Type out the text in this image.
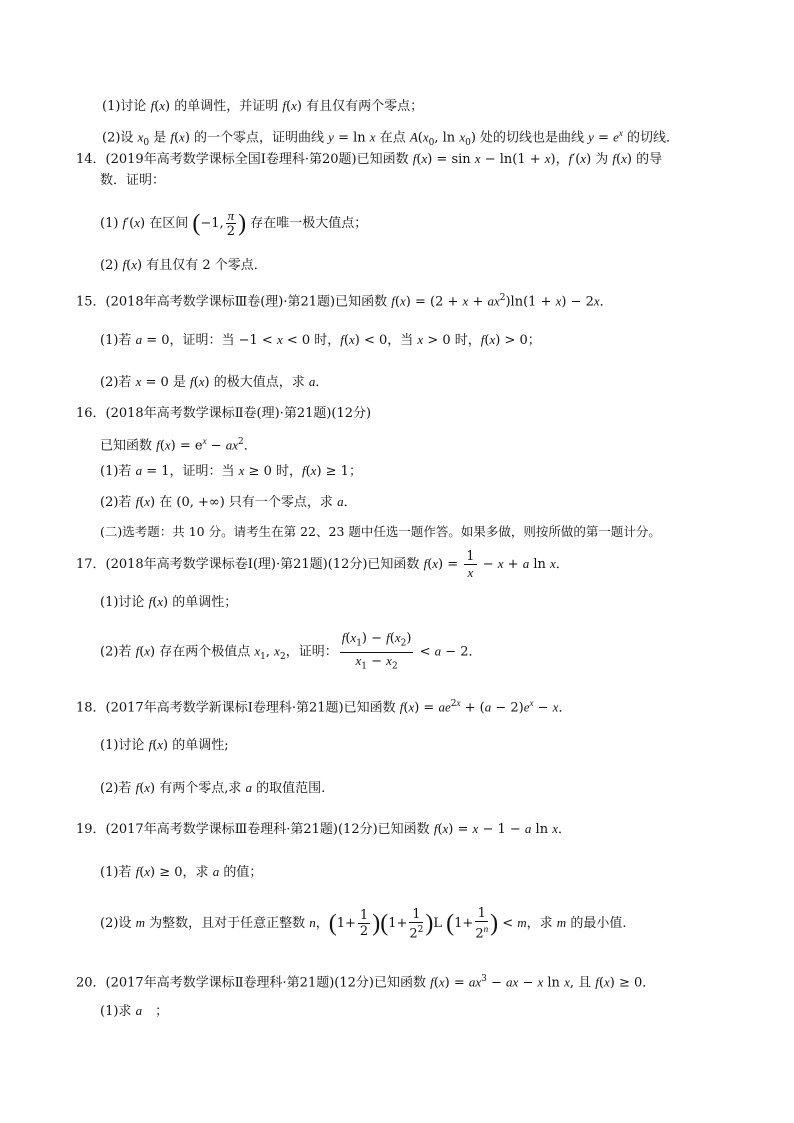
(1)讨论 f(x) 的单调性，并证明 f(x) 有且仅有两个零点；
(2)设 $x_0$ 是 f(x) 的一个零点，证明曲线 y = ln x 在点 $A(x_0$, $\ln x_0$) 处的切线也是曲线 $y = e^x$ 的切线．
14．(2019年高考数学课标全国Ⅰ卷理科·第20题)
已知函数 f(x) = sin x − ln(1 + x)，f′(x) 为 f(x) 的导
数．证明：
(1) f′(x) 在区间 (−1, $\frac{\pi}{2}$ ) 存在唯一极大值点；
(2) f(x) 有且仅有 2 个零点．
15．(2018年高考数学课标Ⅲ卷(理)·第21题)
已知函数 $f(x) = (2 + x + ax^2)\ln(1 + x) - 2x$．
(1)若 a = 0，证明：当 −1 < x < 0 时，f(x) < 0，当 x > 0 时，f(x) > 0；
(2)若 x = 0 是 f(x) 的极大值点，求 a．
16．(2018年高考数学课标Ⅱ卷(理)·第21题)(12分)
已知函数 $f(x) = e^x - ax^2$．
(1)若 a = 1，证明：当 x ≥ 0 时，f(x) ≥ 1；
(2)若 f(x) 在 (0, +∞) 只有一个零点，求 a．
(二)选考题：共 10 分。请考生在第 22、23 题中任选一题作答。如果多做，则按所做的第一题计分。
17．(2018年高考数学课标卷Ⅰ(理)·第21题)(12分)
已知函数 $f(x) = \frac{1}{x} - x + a$ ln x．
(1)讨论 f(x) 的单调性；
(2)若 f(x) 存在两个极值点 $x_1$, $x_2$，证明： $\frac{f(x_1) - f(x_2)}{x_1 - x_2} < a - 2$．
18．(2017年高考数学新课标Ⅰ卷理科·第21题)
已知函数 $f(x) = ae^{2x} + (a - 2)e^x - x$．
(1)讨论 f(x) 的单调性;
(2)若 f(x) 有两个零点,求 a 的取值范围.
19．(2017年高考数学课标Ⅲ卷理科·第21题)(12分)
已知函数 f(x) = x − 1 − a ln x．
(1)若 f(x) ≥ 0，求 a 的值；
(2)设 m 为整数，且对于任意正整数 n，$(1+ \frac{1}{2} )(1+ \frac{1}{2^2} )L$ ($1+ \frac{1}{2^n}$ ) < m，求 m 的最小值.
20．(2017年高考数学课标Ⅱ卷理科·第21题)(12分)
已知函数 $f(x) = ax^3$ − ax − x ln x, 且 f(x) ≥ 0．
(1)求 a　；
